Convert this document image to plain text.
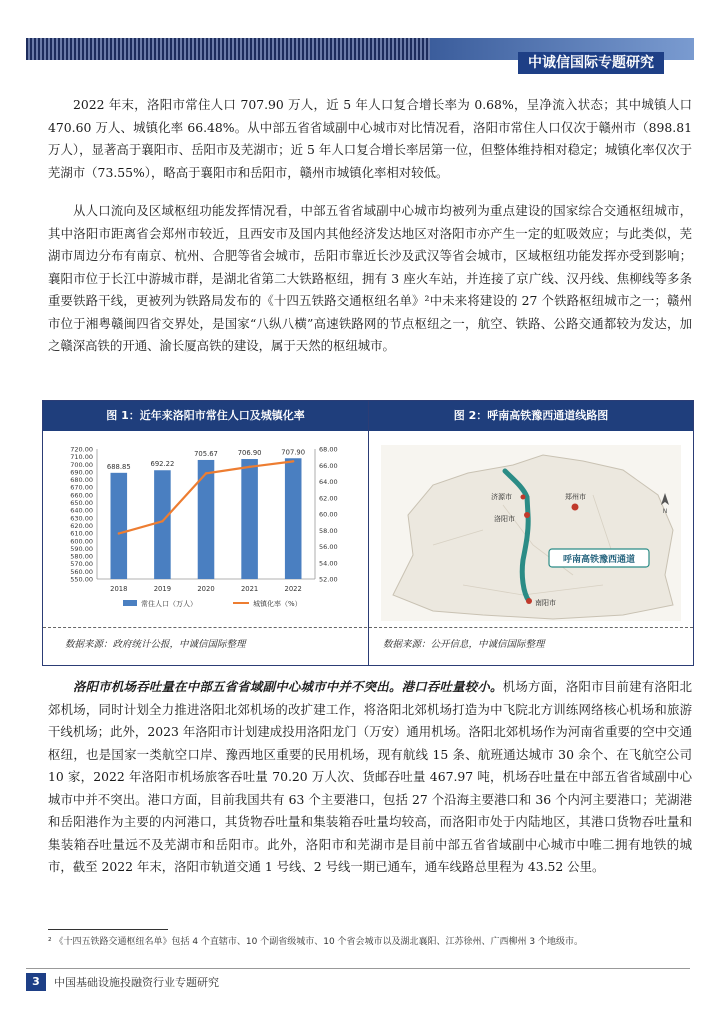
中诚信国际专题研究

2022 年末，洛阳市常住人口 707.90 万人，近 5 年人口复合增长率为 0.68%，呈净流入状态；其中城镇人口 470.60 万人、城镇化率 66.48%。从中部五省省域副中心城市对比情况看，洛阳市常住人口仅次于赣州市（898.81 万人），显著高于襄阳市、岳阳市及芜湖市；近 5 年人口复合增长率居第一位，但整体维持相对稳定；城镇化率仅次于芜湖市（73.55%），略高于襄阳市和岳阳市，赣州市城镇化率相对较低。

从人口流向及区域枢纽功能发挥情况看，中部五省省域副中心城市均被列为重点建设的国家综合交通枢纽城市，其中洛阳市距离省会郑州市较近，且西安市及国内其他经济发达地区对洛阳市亦产生一定的虹吸效应；与此类似，芜湖市周边分布有南京、杭州、合肥等省会城市，岳阳市靠近长沙及武汉等省会城市，区域枢纽功能发挥亦受到影响；襄阳市位于长江中游城市群，是湖北省第二大铁路枢纽，拥有 3 座火车站，并连接了京广线、汉丹线、焦柳线等多条重要铁路干线，更被列为铁路局发布的《十四五铁路交通枢纽名单》²中未来将建设的 27 个铁路枢纽城市之一；赣州市位于湘粤赣闽四省交界处，是国家“八纵八横”高速铁路网的节点枢纽之一，航空、铁路、公路交通都较为发达，加之赣深高铁的开通、渝长厦高铁的建设，属于天然的枢纽城市。

图 1：近年来洛阳市常住人口及城镇化率	图 2：呼南高铁豫西通道线路图
550.00
560.00
570.00
580.00
590.00
600.00
610.00
620.00
630.00
640.00
650.00
660.00
670.00
680.00
690.00
700.00
710.00
720.00
52.00
54.00
56.00
58.00
60.00
62.00
64.00
66.00
68.00
688.85
2018
692.22
2019
705.67
2020
706.90
2021
707.90
2022
常住人口（万人）	城镇化率（%）
济源市
洛阳市
郑州市
南阳市
呼南高铁豫西通道
N
数据来源：政府统计公报，中诚信国际整理	数据来源：公开信息，中诚信国际整理

洛阳市机场吞吐量在中部五省省域副中心城市中并不突出。港口吞吐量较小。机场方面，洛阳市目前建有洛阳北郊机场，同时计划全力推进洛阳北郊机场的改扩建工作，将洛阳北郊机场打造为中飞院北方训练网络核心机场和旅游干线机场；此外，2023 年洛阳市计划建成投用洛阳龙门（万安）通用机场。洛阳北郊机场作为河南省重要的空中交通枢纽，也是国家一类航空口岸、豫西地区重要的民用机场，现有航线 15 条、航班通达城市 30 余个、在飞航空公司 10 家，2022 年洛阳市机场旅客吞吐量 70.20 万人次、货邮吞吐量 467.97 吨，机场吞吐量在中部五省省域副中心城市中并不突出。港口方面，目前我国共有 63 个主要港口，包括 27 个沿海主要港口和 36 个内河主要港口；芜湖港和岳阳港作为主要的内河港口，其货物吞吐量和集装箱吞吐量均较高，而洛阳市处于内陆地区，其港口货物吞吐量和集装箱吞吐量远不及芜湖市和岳阳市。此外，洛阳市和芜湖市是目前中部五省省域副中心城市中唯二拥有地铁的城市，截至 2022 年末，洛阳市轨道交通 1 号线、2 号线一期已通车，通车线路总里程为 43.52 公里。

² 《十四五铁路交通枢纽名单》包括 4 个直辖市、10 个副省级城市、10 个省会城市以及湖北襄阳、江苏徐州、广西柳州 3 个地级市。
3	中国基础设施投融资行业专题研究
